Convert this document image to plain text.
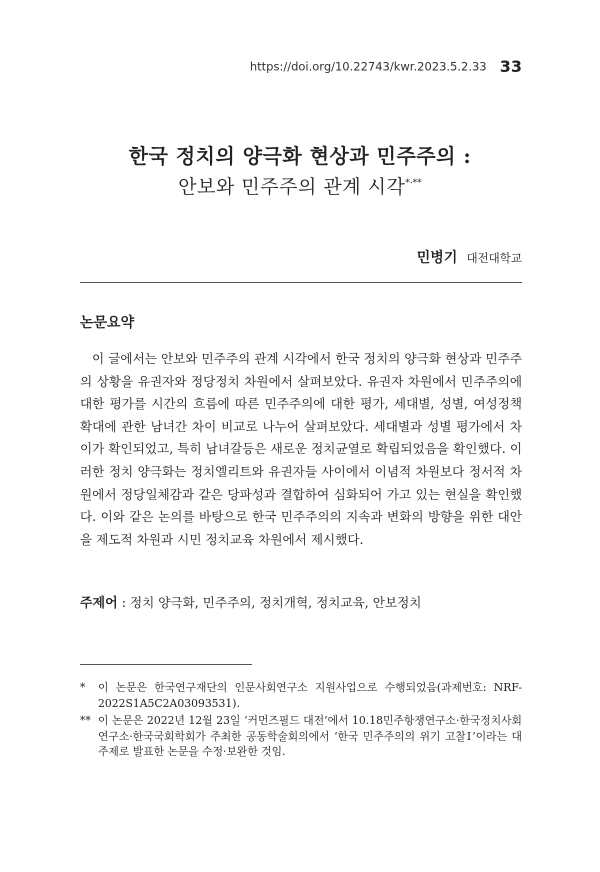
https://doi.org/10.22743/kwr.2023.5.2.33 33
한국 정치의 양극화 현상과 민주주의 :
안보와 민주주의 관계 시각*·**
민병기 대전대학교
논문요약

이 글에서는 안보와 민주주의 관계 시각에서 한국 정치의 양극화 현상과 민주주의 상황을 유권자와 정당정치 차원에서 살펴보았다. 유권자 차원에서 민주주의에 대한 평가를 시간의 흐름에 따른 민주주의에 대한 평가, 세대별, 성별, 여성정책 확대에 관한 남녀간 차이 비교로 나누어 살펴보았다. 세대별과 성별 평가에서 차이가 확인되었고, 특히 남녀갈등은 새로운 정치균열로 확립되었음을 확인했다. 이러한 정치 양극화는 정치엘리트와 유권자들 사이에서 이념적 차원보다 정서적 차원에서 정당일체감과 같은 당파성과 결합하여 심화되어 가고 있는 현실을 확인했다. 이와 같은 논의를 바탕으로 한국 민주주의의 지속과 변화의 방향을 위한 대안을 제도적 차원과 시민 정치교육 차원에서 제시했다.

주제어 : 정치 양극화, 민주주의, 정치개혁, 정치교육, 안보정치
* 이 논문은 한국연구재단의 인문사회연구소 지원사업으로 수행되었음(과제번호: NRF-2022S1A5C2A03093531).
** 이 논문은 2022년 12월 23일 ‘커먼즈필드 대전’에서 10.18민주항쟁연구소·한국정치사회연구소·한국국회학회가 주최한 공동학술회의에서 ‘한국 민주주의의 위기 고찰Ⅰ’이라는 대주제로 발표한 논문을 수정·보완한 것임.
